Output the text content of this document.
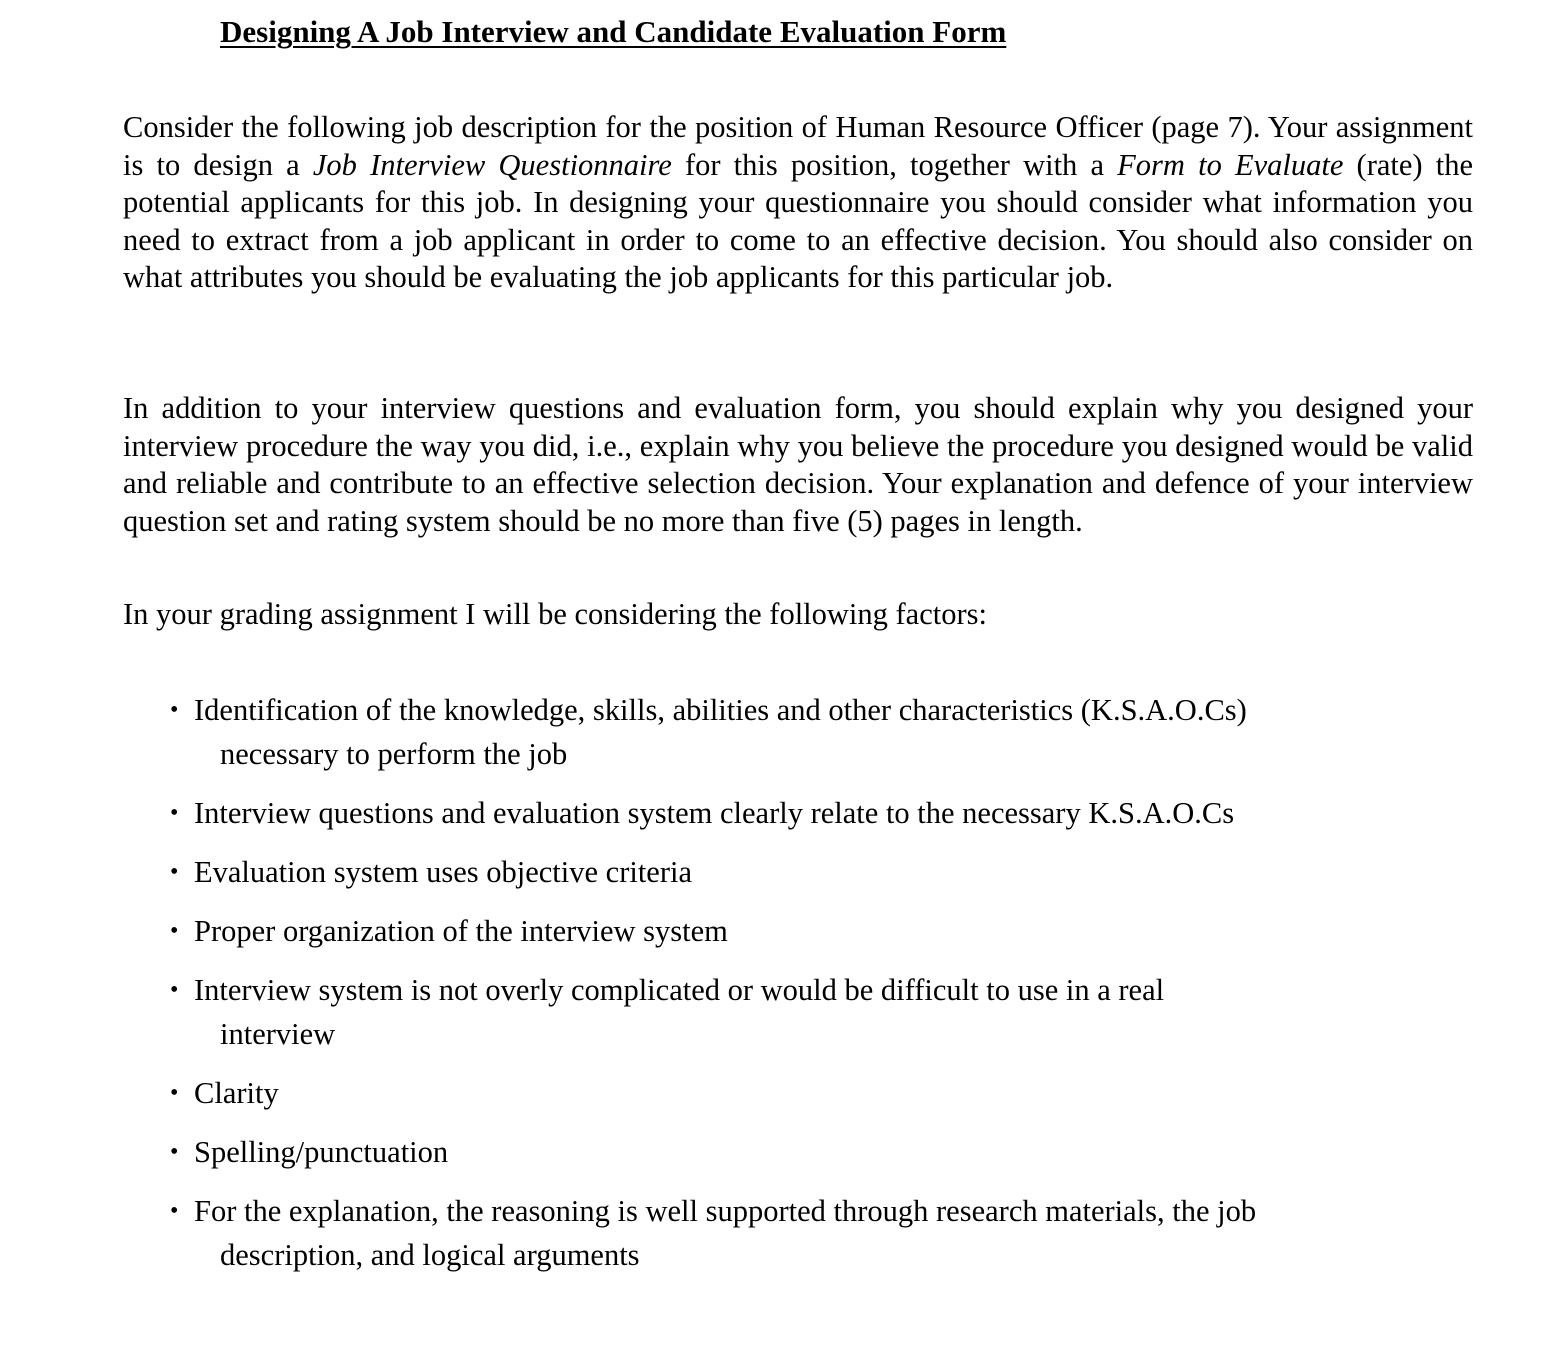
Designing A Job Interview and Candidate Evaluation Form

Consider the following job description for the position of Human Resource Officer (page 7). Your assignment is to design a Job Interview Questionnaire for this position, together with a Form to Evaluate (rate) the potential applicants for this job. In designing your questionnaire you should consider what information you need to extract from a job applicant in order to come to an effective decision. You should also consider on what attributes you should be evaluating the job applicants for this particular job.

In addition to your interview questions and evaluation form, you should explain why you designed your interview procedure the way you did, i.e., explain why you believe the procedure you designed would be valid and reliable and contribute to an effective selection decision. Your explanation and defence of your interview question set and rating system should be no more than five (5) pages in length.

In your grading assignment I will be considering the following factors:

• Identification of the knowledge, skills, abilities and other characteristics (K.S.A.O.Cs)
necessary to perform the job
• Interview questions and evaluation system clearly relate to the necessary K.S.A.O.Cs
• Evaluation system uses objective criteria
• Proper organization of the interview system
• Interview system is not overly complicated or would be difficult to use in a real
interview
• Clarity
• Spelling/punctuation
• For the explanation, the reasoning is well supported through research materials, the job
description, and logical arguments
